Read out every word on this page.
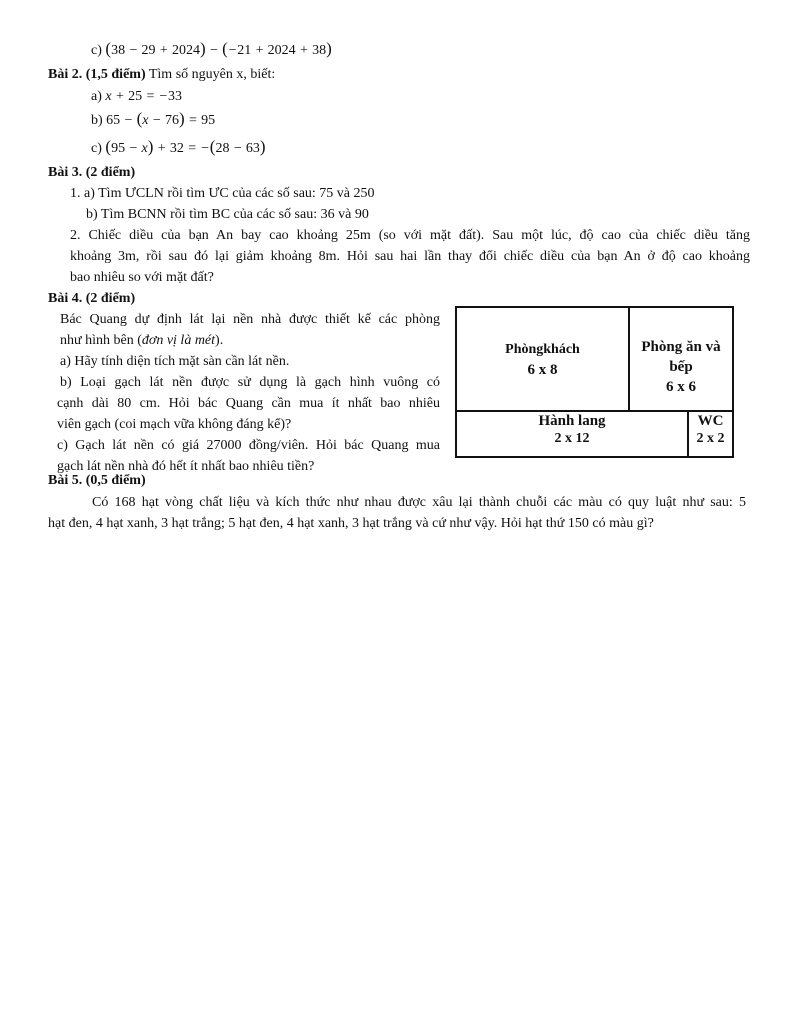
c) (38 − 29 + 2024) − (−21 + 2024 + 38)
Bài 2. (1,5 điểm) Tìm số nguyên x, biết:
a) x + 25 = −33
b) 65 − (x − 76) = 95
c) (95 − x) + 32 = −(28 − 63)
Bài 3. (2 điểm)
1. a) Tìm ƯCLN rồi tìm ƯC của các số sau: 75 và 250
b) Tìm BCNN rồi tìm BC của các số sau: 36 và 90
2. Chiếc diều của bạn An bay cao khoảng 25m (so với mặt đất). Sau một lúc, độ cao của chiếc diều tăng
khoảng 3m, rồi sau đó lại giảm khoảng 8m. Hỏi sau hai lần thay đổi chiếc diều của bạn An ở độ cao khoảng
bao nhiêu so với mặt đất?
Bài 4. (2 điểm)
Bác Quang dự định lát lại nền nhà được thiết kế các phòng
như hình bên (đơn vị là mét).
a) Hãy tính diện tích mặt sàn cần lát nền.
b) Loại gạch lát nền được sử dụng là gạch hình vuông có
cạnh dài 80 cm. Hỏi bác Quang cần mua ít nhất bao nhiêu
viên gạch (coi mạch vữa không đáng kể)?
c) Gạch lát nền có giá 27000 đồng/viên. Hỏi bác Quang mua
gạch lát nền nhà đó hết ít nhất bao nhiêu tiền?
Phòngkhách
6 x 8
Phòng ăn và
bếp
6 x 6
Hành lang
2 x 12
WC
2 x 2
Bài 5. (0,5 điểm)
Có 168 hạt vòng chất liệu và kích thức như nhau được xâu lại thành chuỗi các màu có quy luật như sau: 5
hạt đen, 4 hạt xanh, 3 hạt trắng; 5 hạt đen, 4 hạt xanh, 3 hạt trắng và cứ như vậy. Hỏi hạt thứ 150 có màu gì?
